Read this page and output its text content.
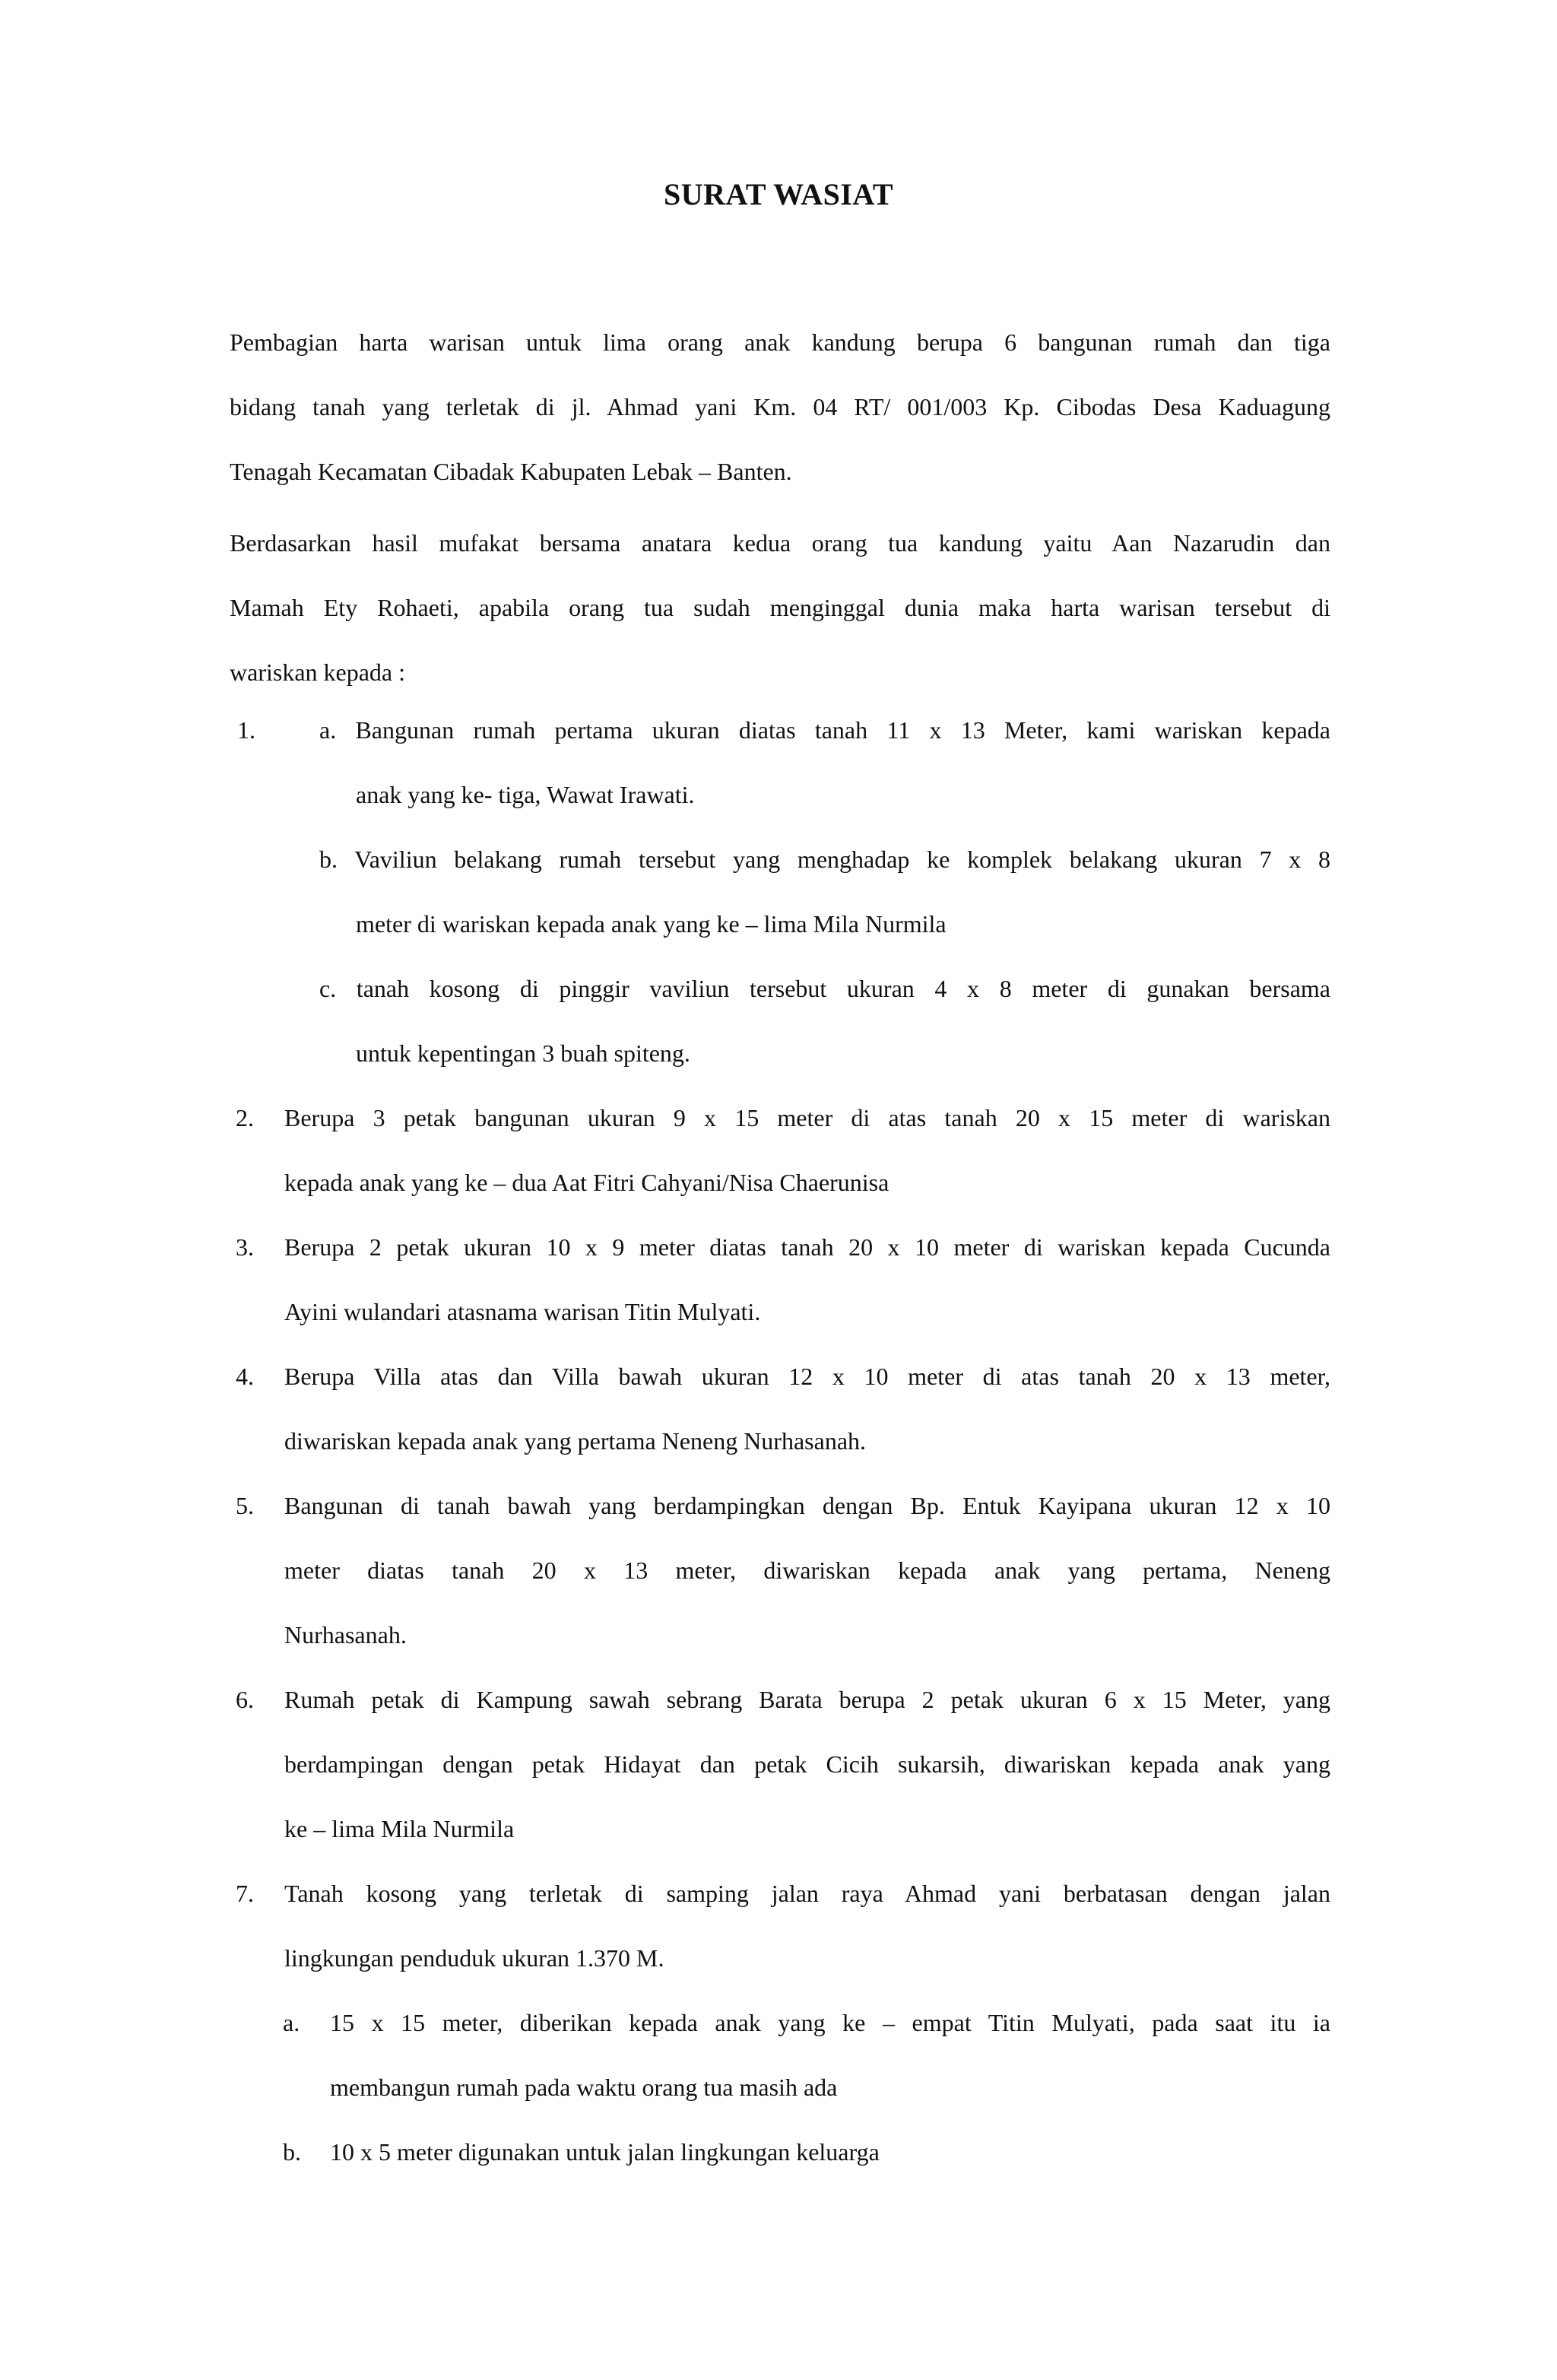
SURAT WASIAT
Pembagian harta warisan untuk lima orang anak kandung berupa 6 bangunan rumah dan tiga
bidang tanah yang terletak di jl. Ahmad yani Km. 04 RT/ 001/003 Kp. Cibodas Desa Kaduagung
Tenagah Kecamatan Cibadak Kabupaten Lebak – Banten.
Berdasarkan hasil mufakat bersama anatara kedua orang tua kandung yaitu Aan Nazarudin dan
Mamah Ety Rohaeti, apabila orang tua sudah menginggal dunia maka harta warisan tersebut di
wariskan kepada :
1.	a. Bangunan rumah pertama ukuran diatas tanah 11 x 13 Meter, kami wariskan kepada
anak yang ke- tiga, Wawat Irawati.
b. Vaviliun belakang rumah tersebut yang menghadap ke komplek belakang ukuran 7 x 8
meter di wariskan kepada anak yang ke – lima Mila Nurmila
c. tanah kosong di pinggir vaviliun tersebut ukuran 4 x 8 meter di gunakan bersama
untuk kepentingan 3 buah spiteng.
2. Berupa 3 petak bangunan ukuran 9 x 15 meter di atas tanah 20 x 15 meter di wariskan
kepada anak yang ke – dua Aat Fitri Cahyani/Nisa Chaerunisa
3. Berupa 2 petak ukuran 10 x 9 meter diatas tanah 20 x 10 meter di wariskan kepada Cucunda
Ayini wulandari atasnama warisan Titin Mulyati.
4. Berupa Villa atas dan Villa bawah ukuran 12 x 10 meter di atas tanah 20 x 13 meter,
diwariskan kepada anak yang pertama Neneng Nurhasanah.
5. Bangunan di tanah bawah yang berdampingkan dengan Bp. Entuk Kayipana ukuran 12 x 10
meter diatas tanah 20 x 13 meter, diwariskan kepada anak yang pertama, Neneng
Nurhasanah.
6. Rumah petak di Kampung sawah sebrang Barata berupa 2 petak ukuran 6 x 15 Meter, yang
berdampingan dengan petak Hidayat dan petak Cicih sukarsih, diwariskan kepada anak yang
ke – lima Mila Nurmila
7. Tanah kosong yang terletak di samping jalan raya Ahmad yani berbatasan dengan jalan
lingkungan penduduk ukuran 1.370 M.
a. 15 x 15 meter, diberikan kepada anak yang ke – empat Titin Mulyati, pada saat itu ia
membangun rumah pada waktu orang tua masih ada
b. 10 x 5 meter digunakan untuk jalan lingkungan keluarga
